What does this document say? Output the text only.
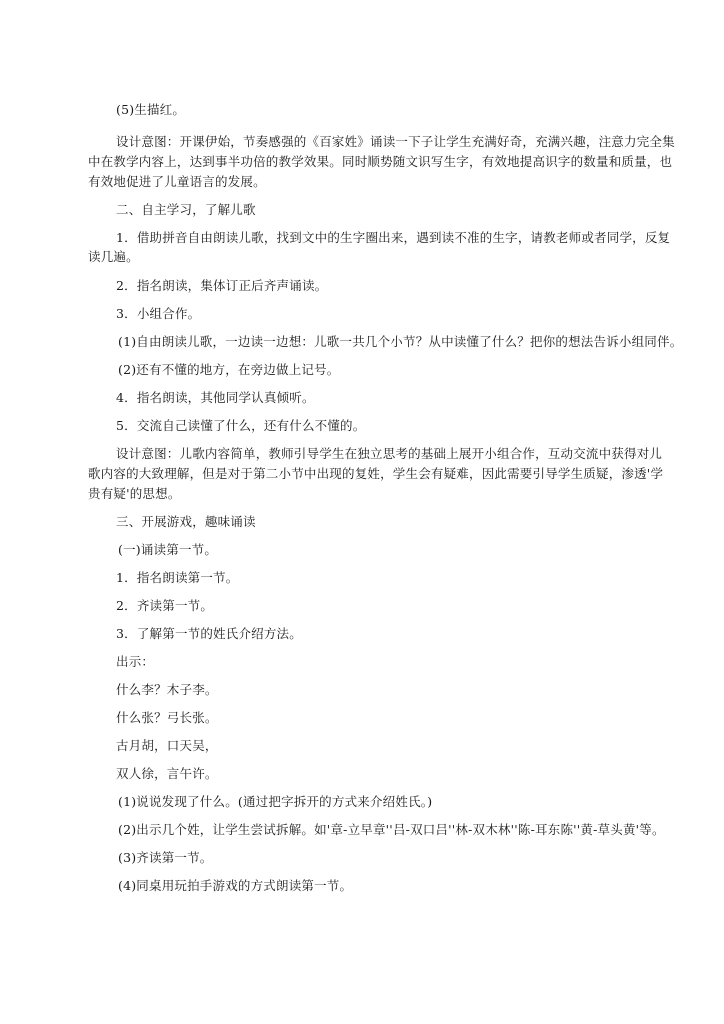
(5)生描红。
设计意图：开课伊始，节奏感强的《百家姓》诵读一下子让学生充满好奇，充满兴趣，注意力完全集
中在教学内容上，达到事半功倍的教学效果。同时顺势随文识写生字，有效地提高识字的数量和质量，也
有效地促进了儿童语言的发展。
二、自主学习，了解儿歌
1．借助拼音自由朗读儿歌，找到文中的生字圈出来，遇到读不准的生字，请教老师或者同学，反复
读几遍。
2．指名朗读，集体订正后齐声诵读。
3．小组合作。
(1)自由朗读儿歌，一边读一边想：儿歌一共几个小节？从中读懂了什么？把你的想法告诉小组同伴。
(2)还有不懂的地方，在旁边做上记号。
4．指名朗读，其他同学认真倾听。
5．交流自己读懂了什么，还有什么不懂的。
设计意图：儿歌内容简单，教师引导学生在独立思考的基础上展开小组合作，互动交流中获得对儿
歌内容的大致理解，但是对于第二小节中出现的复姓，学生会有疑难，因此需要引导学生质疑，渗透'学
贵有疑'的思想。
三、开展游戏，趣味诵读
(一)诵读第一节。
1．指名朗读第一节。
2．齐读第一节。
3．了解第一节的姓氏介绍方法。
出示：
什么李？木子李。
什么张？弓长张。
古月胡，口天吴，
双人徐，言午许。
(1)说说发现了什么。(通过把字拆开的方式来介绍姓氏。)
(2)出示几个姓，让学生尝试拆解。如'章-立早章''吕-双口吕''林-双木林''陈-耳东陈''黄-草头黄'等。
(3)齐读第一节。
(4)同桌用玩拍手游戏的方式朗读第一节。
